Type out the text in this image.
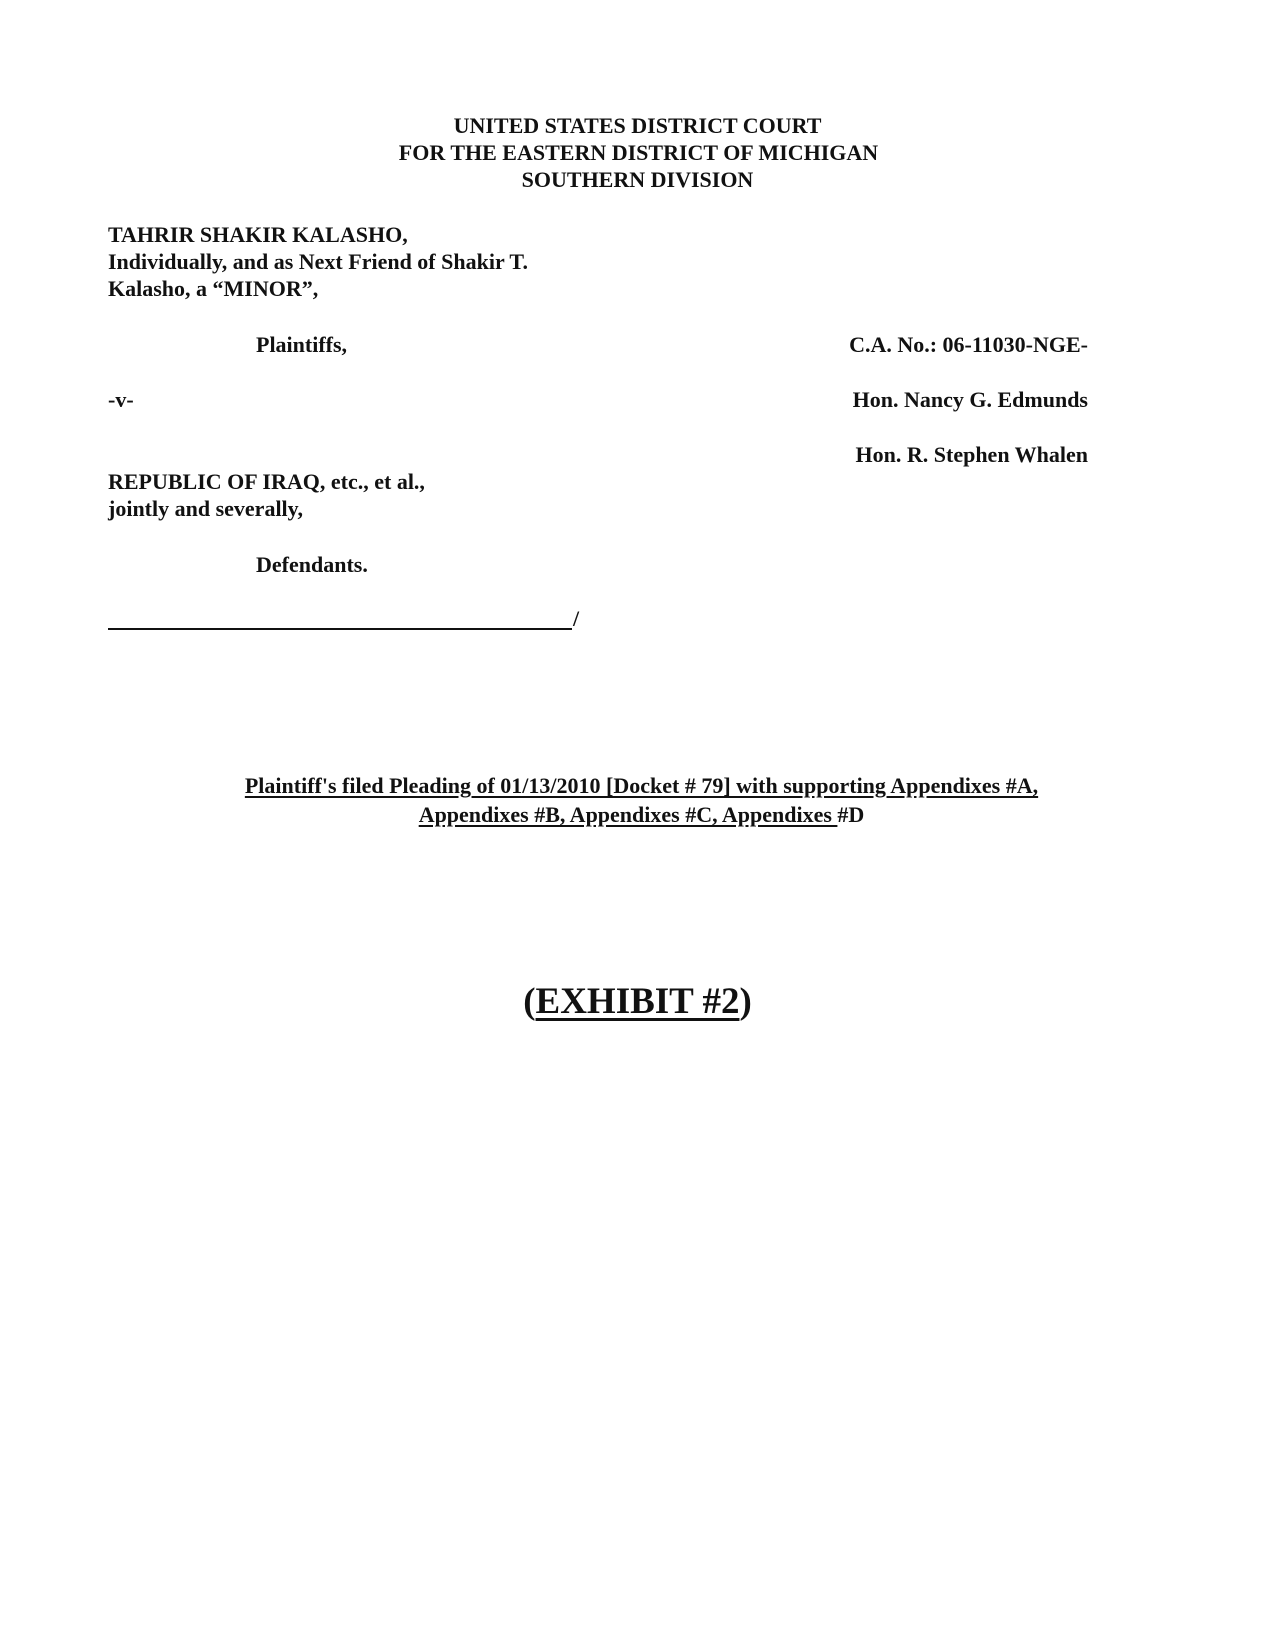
UNITED STATES DISTRICT COURT
FOR THE EASTERN DISTRICT OF MICHIGAN
SOUTHERN DIVISION
TAHRIR SHAKIR KALASHO,
Individually, and as Next Friend of Shakir T.
Kalasho, a “MINOR”,
Plaintiffs,	C.A. No.: 06-11030-NGE-
-v-	Hon. Nancy G. Edmunds
Hon. R. Stephen Whalen
REPUBLIC OF IRAQ, etc., et al.,
jointly and severally,
Defendants.
/
Plaintiff's filed Pleading of 01/13/2010 [Docket # 79] with supporting Appendixes #A,
Appendixes #B, Appendixes #C, Appendixes #D
(EXHIBIT #2)
